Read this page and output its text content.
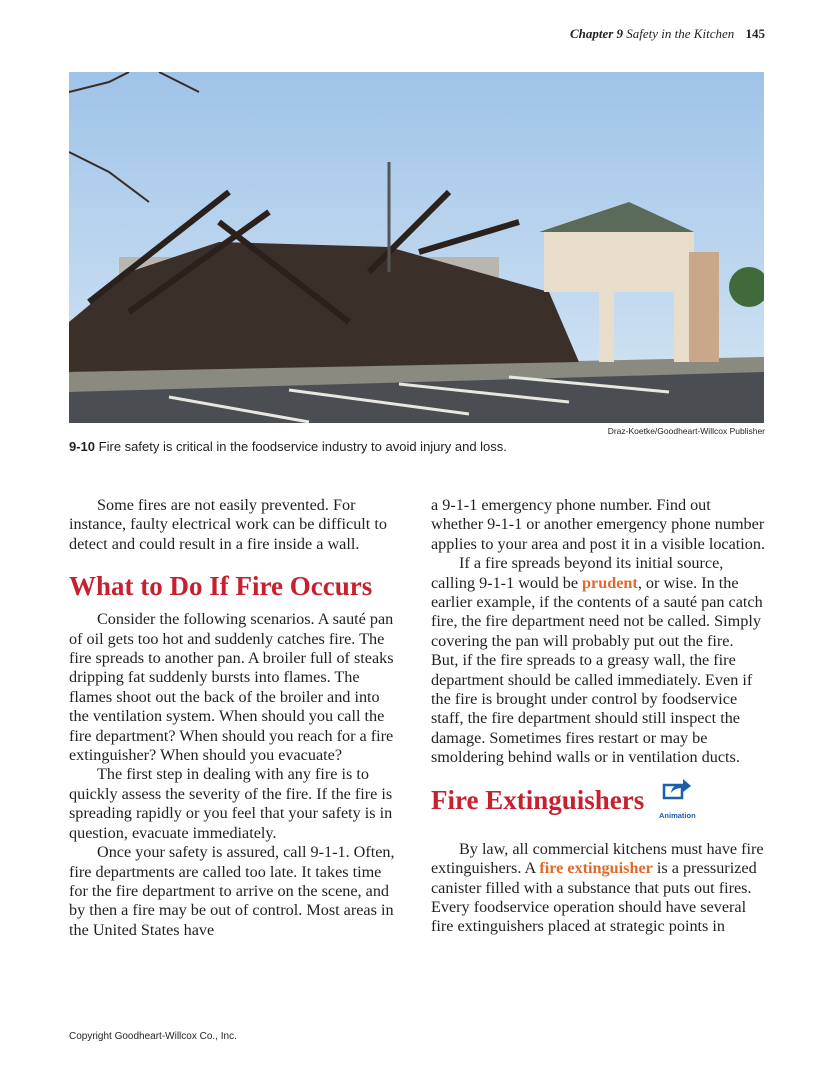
Chapter 9 Safety in the Kitchen 145
Draz-Koetke/Goodheart-Willcox Publisher
9-10 Fire safety is critical in the foodservice industry to avoid injury and loss.

Some fires are not easily prevented. For instance, faulty electrical work can be difficult to detect and could result in a fire inside a wall.

What to Do If Fire Occurs

Consider the following scenarios. A sauté pan of oil gets too hot and suddenly catches fire. The fire spreads to another pan. A broiler full of steaks dripping fat suddenly bursts into flames. The flames shoot out the back of the broiler and into the ventilation system. When should you call the fire department? When should you reach for a fire extinguisher? When should you evacuate?

The first step in dealing with any fire is to quickly assess the severity of the fire. If the fire is spreading rapidly or you feel that your safety is in question, evacuate immediately.

Once your safety is assured, call 9-1-1. Often, fire departments are called too late. It takes time for the fire department to arrive on the scene, and by then a fire may be out of control. Most areas in the United States have

a 9-1-1 emergency phone number. Find out whether 9-1-1 or another emergency phone number applies to your area and post it in a visible location.

If a fire spreads beyond its initial source, calling 9-1-1 would be prudent, or wise. In the earlier example, if the contents of a sauté pan catch fire, the fire department need not be called. Simply covering the pan will probably put out the fire. But, if the fire spreads to a greasy wall, the fire department should be called immediately. Even if the fire is brought under control by foodservice staff, the fire department should still inspect the damage. Sometimes fires restart or may be smoldering behind walls or in ventilation ducts.

Fire Extinguishers
Animation

By law, all commercial kitchens must have fire extinguishers. A fire extinguisher is a pressurized canister filled with a substance that puts out fires. Every foodservice operation should have several fire extinguishers placed at strategic points in

Copyright Goodheart-Willcox Co., Inc.
